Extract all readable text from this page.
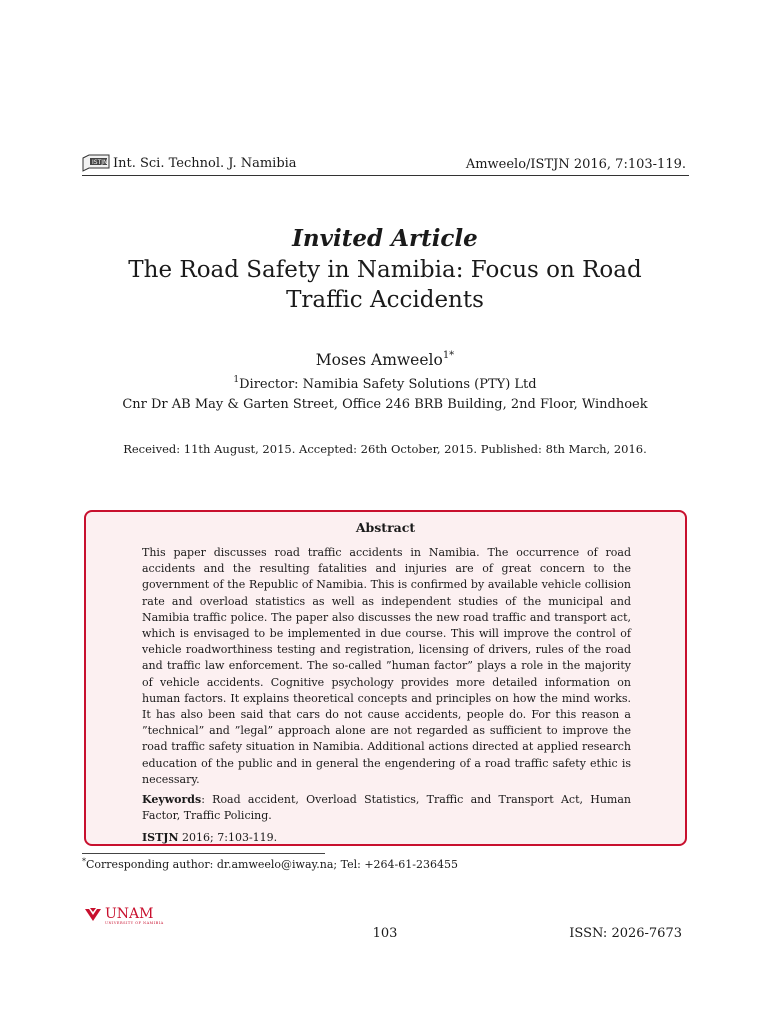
ISTJN Int. Sci. Technol. J. Namibia	Amweelo/ISTJN 2016, 7:103-119.
Invited Article
The Road Safety in Namibia: Focus on Road Traffic Accidents
Moses Amweelo$^{1*}$
$^1$Director: Namibia Safety Solutions (PTY) Ltd
Cnr Dr AB May & Garten Street, Office 246 BRB Building, 2nd Floor, Windhoek
Received: 11th August, 2015. Accepted: 26th October, 2015. Published: 8th March, 2016.
Abstract

This paper discusses road traffic accidents in Namibia. The occurrence of road accidents and the resulting fatalities and injuries are of great concern to the government of the Republic of Namibia. This is confirmed by available vehicle collision rate and overload statistics as well as independent studies of the municipal and Namibia traffic police. The paper also discusses the new road traffic and transport act, which is envisaged to be implemented in due course. This will improve the control of vehicle roadworthiness testing and registration, licensing of drivers, rules of the road and traffic law enforcement. The so-called ”human factor” plays a role in the majority of vehicle accidents. Cognitive psychology provides more detailed information on human factors. It explains theoretical concepts and principles on how the mind works. It has also been said that cars do not cause accidents, people do. For this reason a ”technical” and ”legal” approach alone are not regarded as sufficient to improve the road traffic safety situation in Namibia. Additional actions directed at applied research education of the public and in general the engendering of a road traffic safety ethic is necessary.

Keywords: Road accident, Overload Statistics, Traffic and Transport Act, Human Factor, Traffic Policing.

ISTJN 2016; 7:103-119.

*Corresponding author: dr.amweelo@iway.na; Tel: +264-61-236455
UNAM
UNIVERSITY OF NAMIBIA
103	ISSN: 2026-7673
